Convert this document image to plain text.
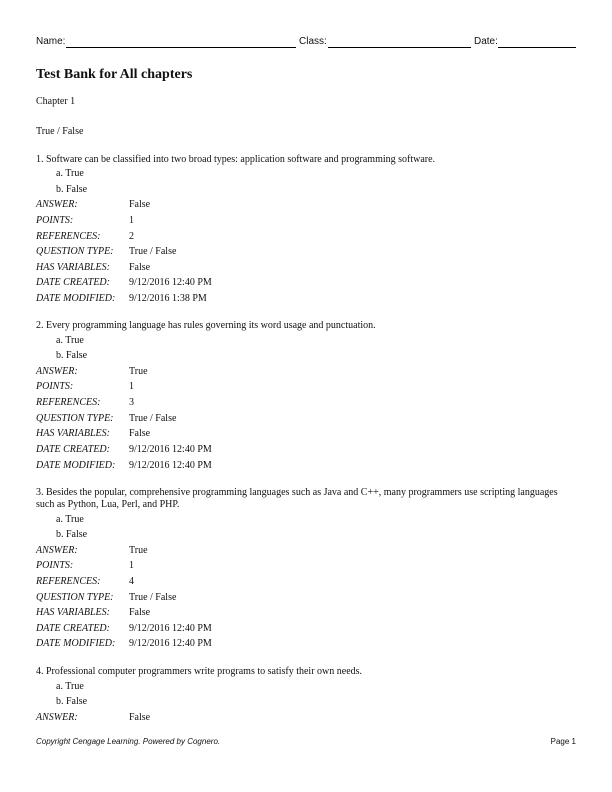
Name:	Class:	Date:
Test Bank for All chapters
Chapter 1
True / False
1. Software can be classified into two broad types: application software and programming software.
a. True
b. False
ANSWER:	False
POINTS:	1
REFERENCES:	2
QUESTION TYPE: True / False
HAS VARIABLES: False
DATE CREATED: 9/12/2016 12:40 PM
DATE MODIFIED: 9/12/2016 1:38 PM
2. Every programming language has rules governing its word usage and punctuation.
a. True
b. False
ANSWER:	True
POINTS:	1
REFERENCES:	3
QUESTION TYPE: True / False
HAS VARIABLES: False
DATE CREATED: 9/12/2016 12:40 PM
DATE MODIFIED: 9/12/2016 12:40 PM
3. Besides the popular, comprehensive programming languages such as Java and C++, many programmers use scripting languages such as Python, Lua, Perl, and PHP.
a. True
b. False
ANSWER:	True
POINTS:	1
REFERENCES:	4
QUESTION TYPE: True / False
HAS VARIABLES: False
DATE CREATED: 9/12/2016 12:40 PM
DATE MODIFIED: 9/12/2016 12:40 PM
4. Professional computer programmers write programs to satisfy their own needs.
a. True
b. False
ANSWER:	False
Copyright Cengage Learning. Powered by Cognero.	Page 1
